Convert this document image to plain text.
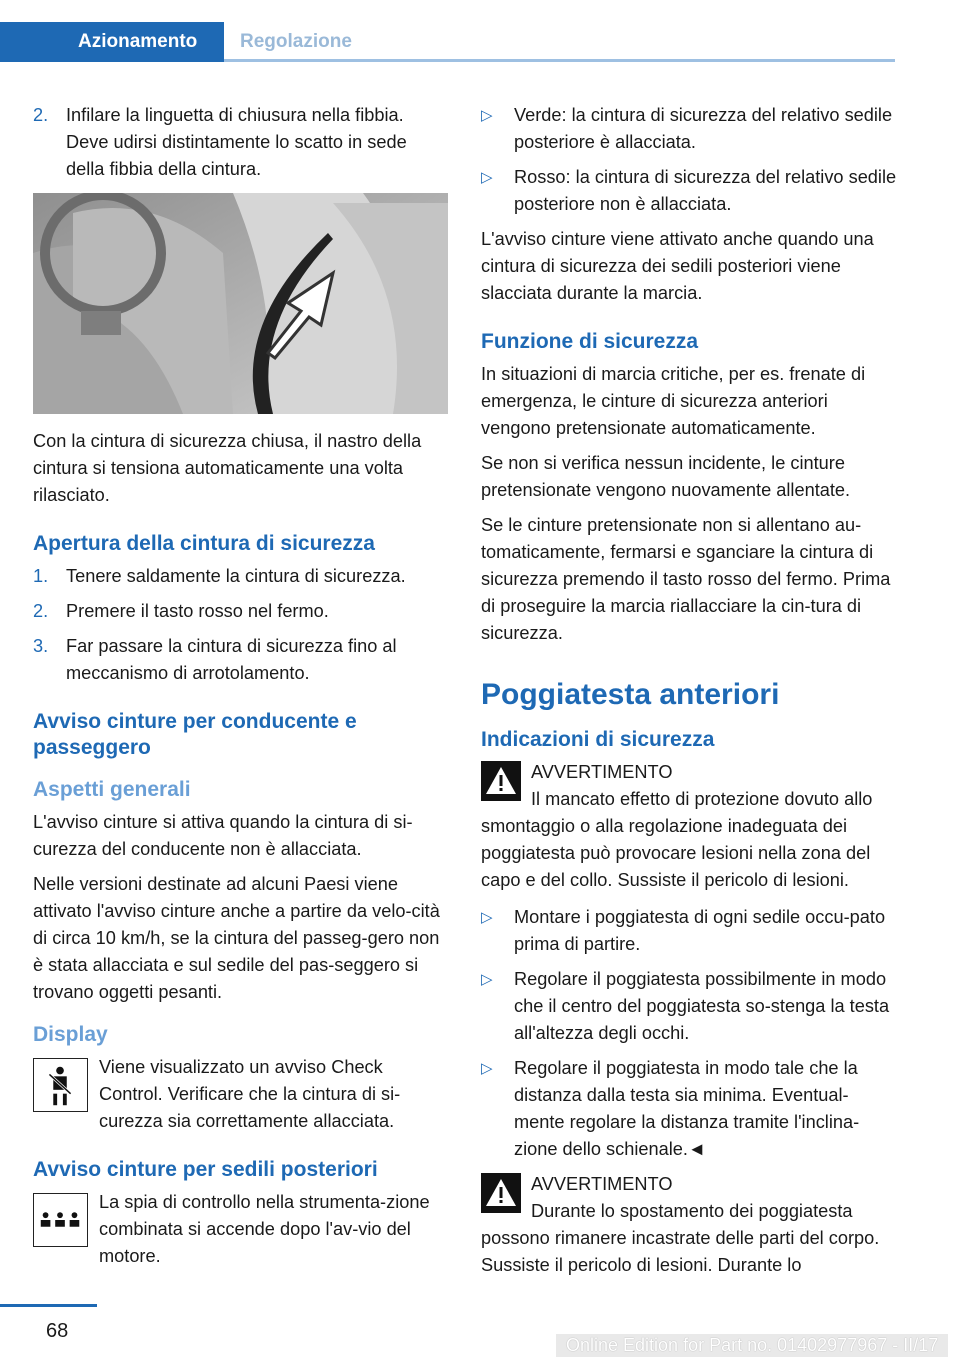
Azionamento	Regolazione
2. Infilare la linguetta di chiusura nella fibbia. Deve udirsi distintamente lo scatto in sede della fibbia della cintura.

Con la cintura di sicurezza chiusa, il nastro della cintura si tensiona automaticamente una volta rilasciato.

Apertura della cintura di sicurezza
1. Tenere saldamente la cintura di sicurezza.
2. Premere il tasto rosso nel fermo.
3. Far passare la cintura di sicurezza fino al meccanismo di arrotolamento.
Avviso cinture per conducente e passeggero
Aspetti generali

L'avviso cinture si attiva quando la cintura di si-curezza del conducente non è allacciata.

Nelle versioni destinate ad alcuni Paesi viene attivato l'avviso cinture anche a partire da velo-cità di circa 10 km/h, se la cintura del passeg-gero non è stata allacciata e sul sedile del pas-seggero si trovano oggetti pesanti.

Display
Viene visualizzato un avviso Check Control. Verificare che la cintura di si-curezza sia correttamente allacciata.
Avviso cinture per sedili posteriori
La spia di controllo nella strumenta-zione combinata si accende dopo l'av-vio del motore.
▷ Verde: la cintura di sicurezza del relativo sedile posteriore è allacciata.
▷ Rosso: la cintura di sicurezza del relativo sedile posteriore non è allacciata.

L'avviso cinture viene attivato anche quando una cintura di sicurezza dei sedili posteriori viene slacciata durante la marcia.

Funzione di sicurezza

In situazioni di marcia critiche, per es. frenate di emergenza, le cinture di sicurezza anteriori vengono pretensionate automaticamente.

Se non si verifica nessun incidente, le cinture pretensionate vengono nuovamente allentate.

Se le cinture pretensionate non si allentano au-tomaticamente, fermarsi e sganciare la cintura di sicurezza premendo il tasto rosso del fermo. Prima di proseguire la marcia riallacciare la cin-tura di sicurezza.

Poggiatesta anteriori
Indicazioni di sicurezza
AVVERTIMENTO
Il mancato effetto di protezione dovuto allo smontaggio o alla regolazione inadeguata dei poggiatesta può provocare lesioni nella zona del capo e del collo. Sussiste il pericolo di lesioni.
▷ Montare i poggiatesta di ogni sedile occu-pato prima di partire.
▷ Regolare il poggiatesta possibilmente in modo che il centro del poggiatesta so-stenga la testa all'altezza degli occhi.
▷ Regolare il poggiatesta in modo tale che la distanza dalla testa sia minima. Eventual-mente regolare la distanza tramite l'inclina-zione dello schienale.◄
AVVERTIMENTO
Durante lo spostamento dei poggiatesta possono rimanere incastrate delle parti del corpo. Sussiste il pericolo di lesioni. Durante lo
68
Online Edition for Part no. 01402977967 - II/17
